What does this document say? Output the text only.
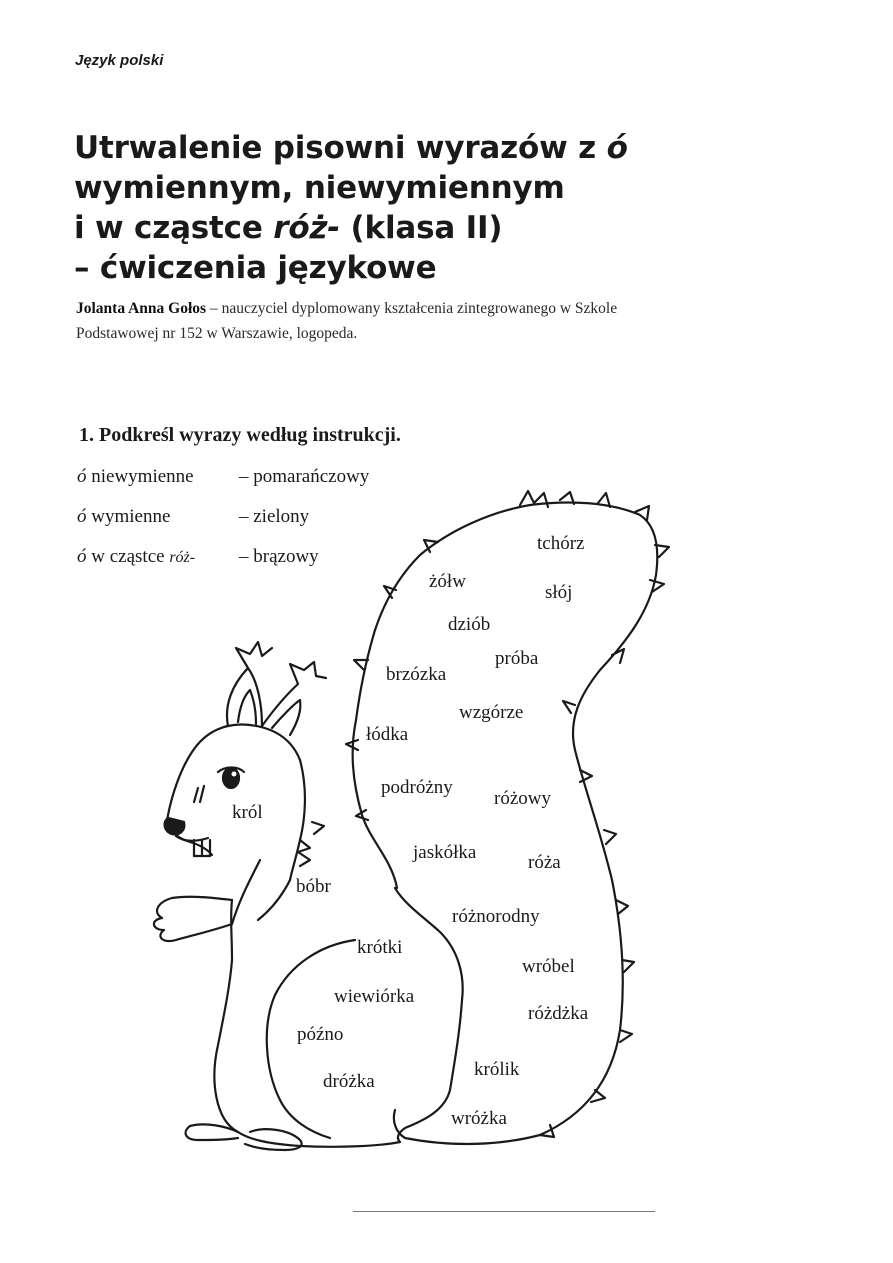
Język polski
Utrwalenie pisowni wyrazów z ó
wymiennym, niewymiennym
i w cząstce róż- (klasa II)
– ćwiczenia językowe

Jolanta Anna Gołos – nauczyciel dyplomowany kształcenia zintegrowanego w Szkole
Podstawowej nr 152 w Warszawie, logopeda.

1. Podkreśl wyrazy według instrukcji.

ó niewymienne – pomarańczowy
ó wymienne	– zielony
ó w cząstce róż- – brązowy
tchórz
żółw
słój
dziób
próba
brzózka
wzgórze
łódka
podróżny
różowy
król
jaskółka	róża
bóbr
różnorodny
krótki
wróbel
wiewiórka
różdżka
późno
królik
dróżka
wróżka
